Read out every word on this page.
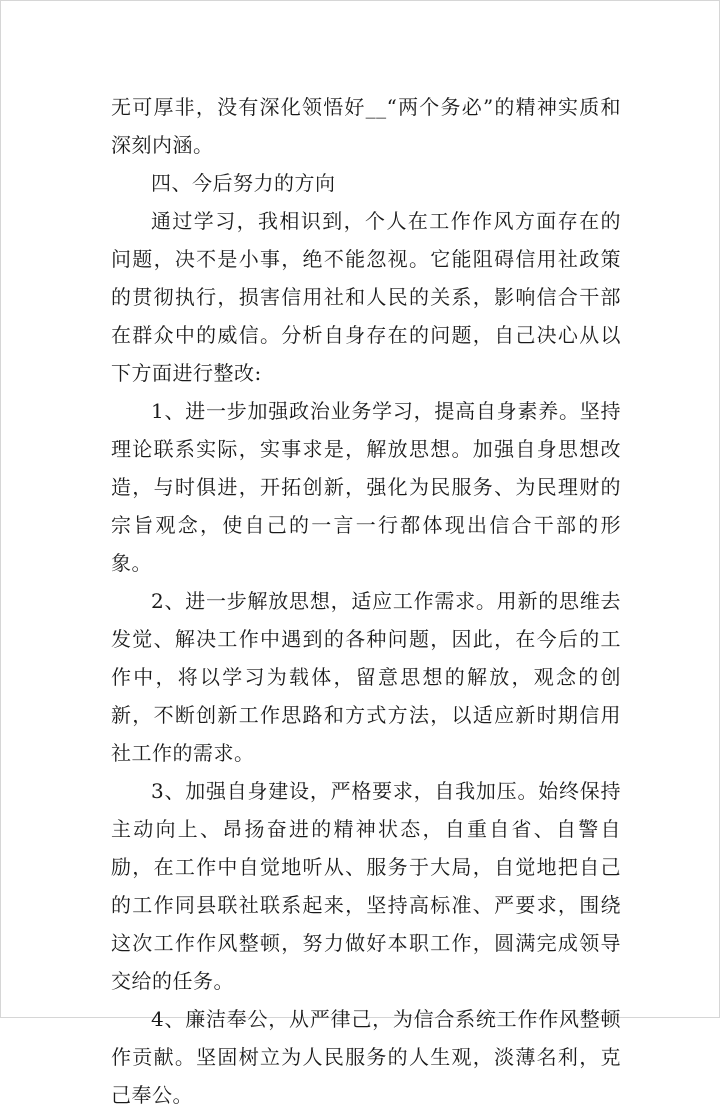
无可厚非，没有深化领悟好__“两个务必”的精神实质和深刻内涵。

四、今后努力的方向

通过学习，我相识到，个人在工作作风方面存在的问题，决不是小事，绝不能忽视。它能阻碍信用社政策的贯彻执行，损害信用社和人民的关系，影响信合干部在群众中的威信。分析自身存在的问题，自己决心从以下方面进行整改:

1、进一步加强政治业务学习，提高自身素养。坚持理论联系实际，实事求是，解放思想。加强自身思想改造，与时俱进，开拓创新，强化为民服务、为民理财的宗旨观念，使自己的一言一行都体现出信合干部的形象。

2、进一步解放思想，适应工作需求。用新的思维去发觉、解决工作中遇到的各种问题，因此，在今后的工作中，将以学习为载体，留意思想的解放，观念的创新，不断创新工作思路和方式方法，以适应新时期信用社工作的需求。

3、加强自身建设，严格要求，自我加压。始终保持主动向上、昂扬奋进的精神状态，自重自省、自警自励，在工作中自觉地听从、服务于大局，自觉地把自己的工作同县联社联系起来，坚持高标准、严要求，围绕这次工作作风整顿，努力做好本职工作，圆满完成领导交给的任务。

4、廉洁奉公，从严律己，为信合系统工作作风整顿作贡献。坚固树立为人民服务的人生观，淡薄名利，克己奉公。
